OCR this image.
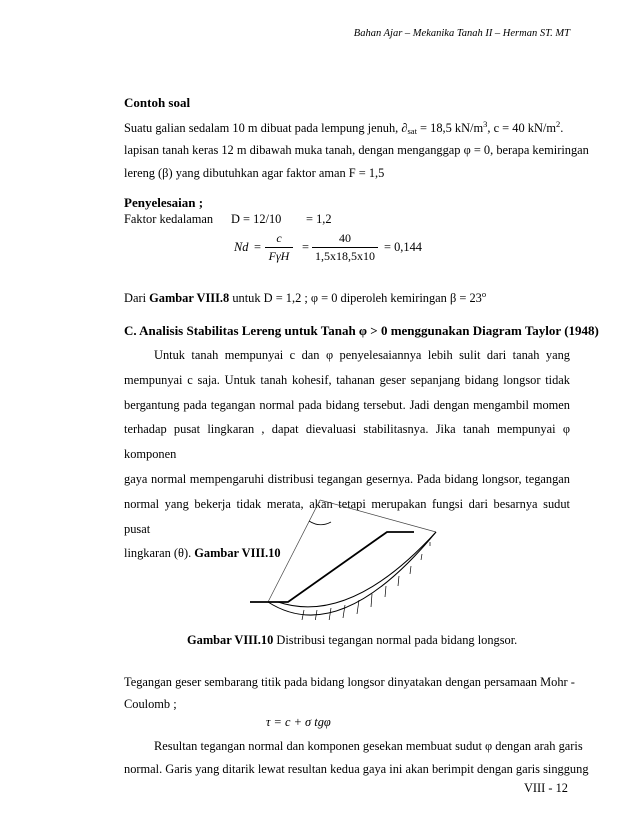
Bahan Ajar – Mekanika Tanah II – Herman ST. MT
Contoh soal
Suatu galian sedalam 10 m dibuat pada lempung jenuh, $\partial_{sat} = 18,5$ $kN/m^3$, c = 40 $kN/m^2$.
lapisan tanah keras 12 m dibawah muka tanah, dengan menganggap φ = 0, berapa kemiringan
lereng (β) yang dibutuhkan agar faktor aman F = 1,5
Penyelesaian ;
Faktor kedalaman D = 12/10 = 1,2
Nd =
c
FγH
=
40
1,5x18,5x10
= 0,144
Dari Gambar VIII.8 untuk D = 1,2 ; φ = 0 diperoleh kemiringan $\beta = 23^o$
C. Analisis Stabilitas Lereng untuk Tanah φ > 0 menggunakan Diagram Taylor (1948)
Untuk tanah mempunyai c dan φ penyelesaiannya lebih sulit dari tanah yang
mempunyai c saja. Untuk tanah kohesif, tahanan geser sepanjang bidang longsor tidak
bergantung pada tegangan normal pada bidang tersebut. Jadi dengan mengambil momen
terhadap pusat lingkaran , dapat dievaluasi stabilitasnya. Jika tanah mempunyai φ komponen
gaya normal mempengaruhi distribusi tegangan gesernya. Pada bidang longsor, tegangan
normal yang bekerja tidak merata, akan tetapi merupakan fungsi dari besarnya sudut pusat
lingkaran (θ). Gambar VIII.10
Gambar VIII.10 Distribusi tegangan normal pada bidang longsor.
Tegangan geser sembarang titik pada bidang longsor dinyatakan dengan persamaan Mohr -
Coulomb ;
τ = c + σ tgφ
Resultan tegangan normal dan komponen gesekan membuat sudut φ dengan arah garis
normal. Garis yang ditarik lewat resultan kedua gaya ini akan berimpit dengan garis singgung
VIII - 12
